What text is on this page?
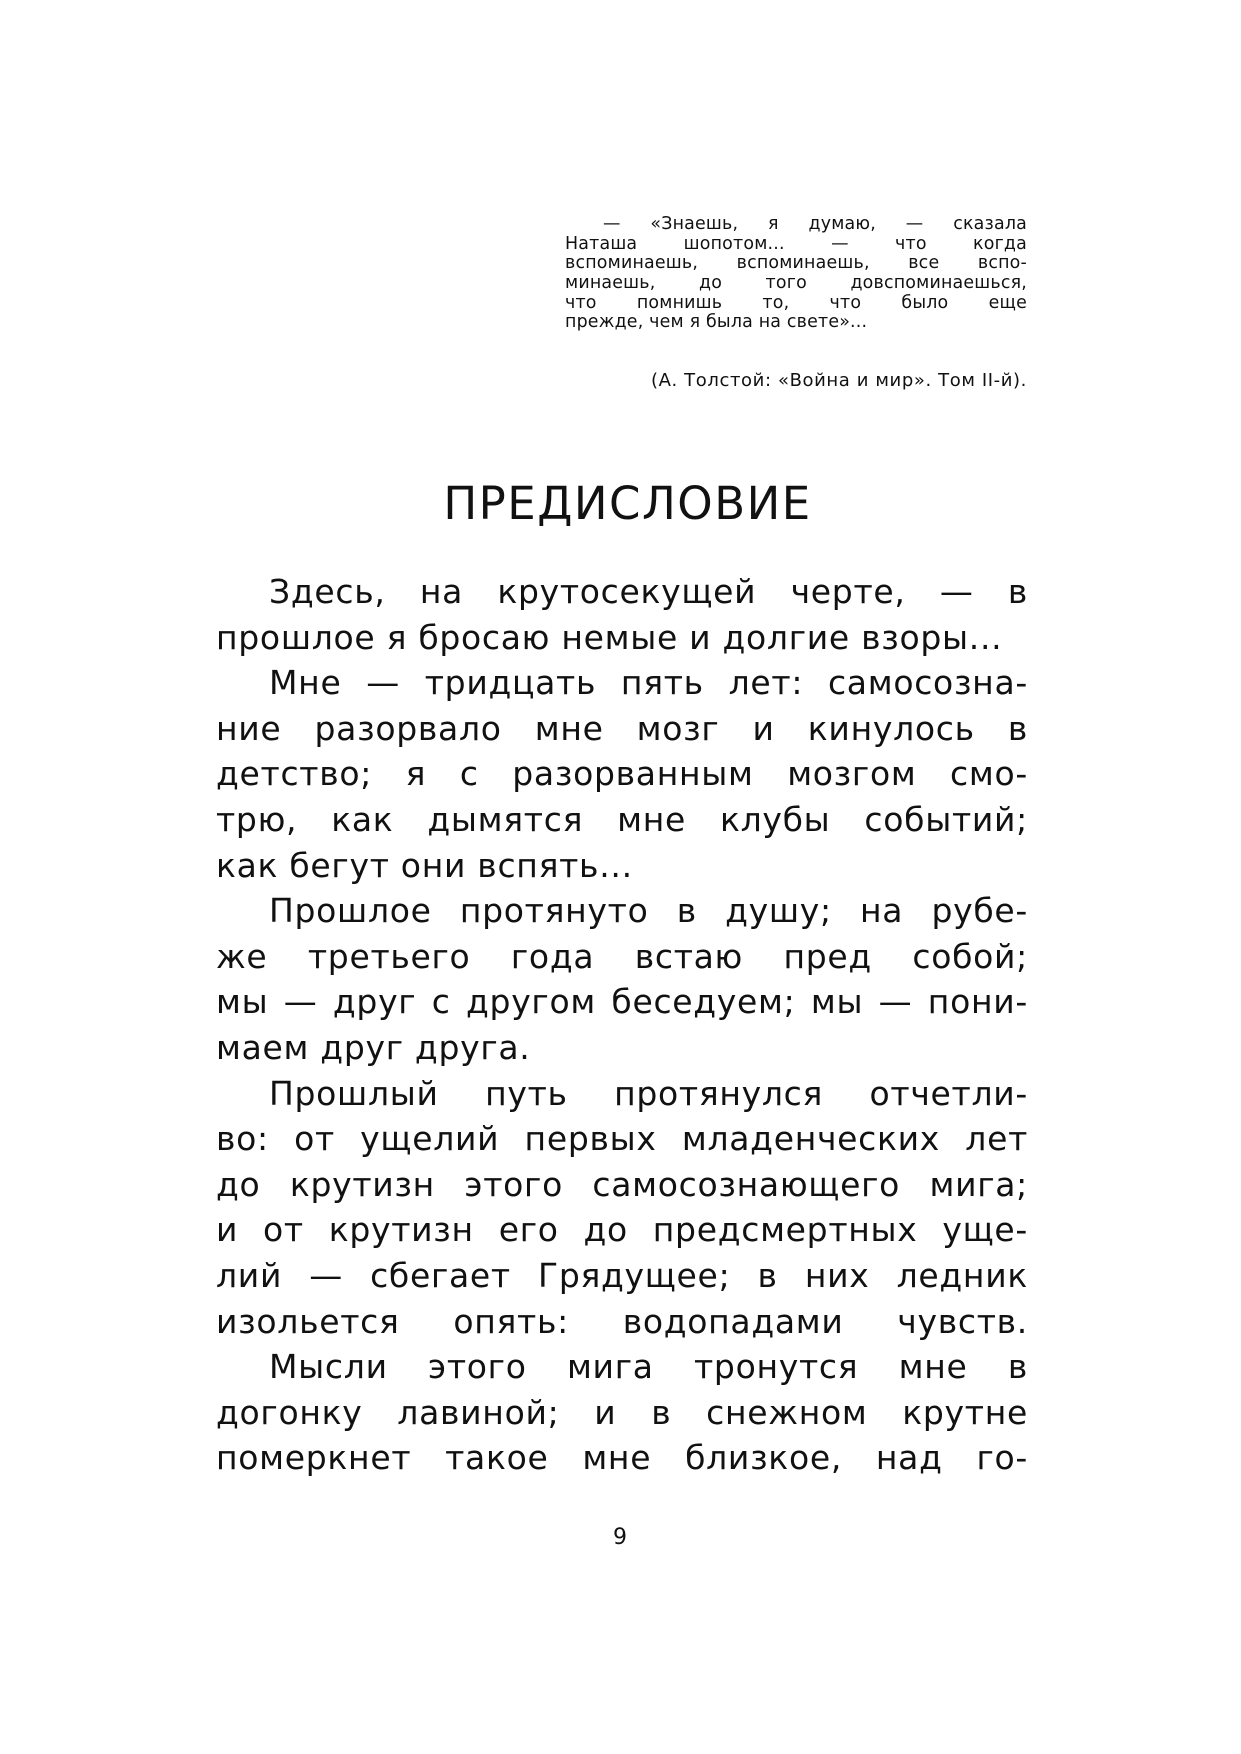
— «Знаешь, я думаю, — сказала
Наташа шопотом... — что когда
вспоминаешь, вспоминаешь, все вспо-
минаешь, до того довспоминаешься,
что помнишь то, что было еще
прежде, чем я была на свете»...
(А. Толстой: «Война и мир». Том II-й).
ПРЕДИСЛОВИЕ
Здесь, на крутосекущей черте, — в
прошлое я бросаю немые и долгие взоры...
Мне — тридцать пять лет: самосозна-
ние разорвало мне мозг и кинулось в
детство; я с разорванным мозгом смо-
трю, как дымятся мне клубы событий;
как бегут они вспять...
Прошлое протянуто в душу; на рубе-
же третьего года встаю пред собой;
мы — друг с другом беседуем; мы — пони-
маем друг друга.
Прошлый путь протянулся отчетли-
во: от ущелий первых младенческих лет
до крутизн этого самосознающего мига;
и от крутизн его до предсмертных уще-
лий — сбегает Грядущее; в них ледник
изольется опять: водопадами чувств.
Мысли этого мига тронутся мне в
догонку лавиной; и в снежном крутне
померкнет такое мне близкое, над го-
9
